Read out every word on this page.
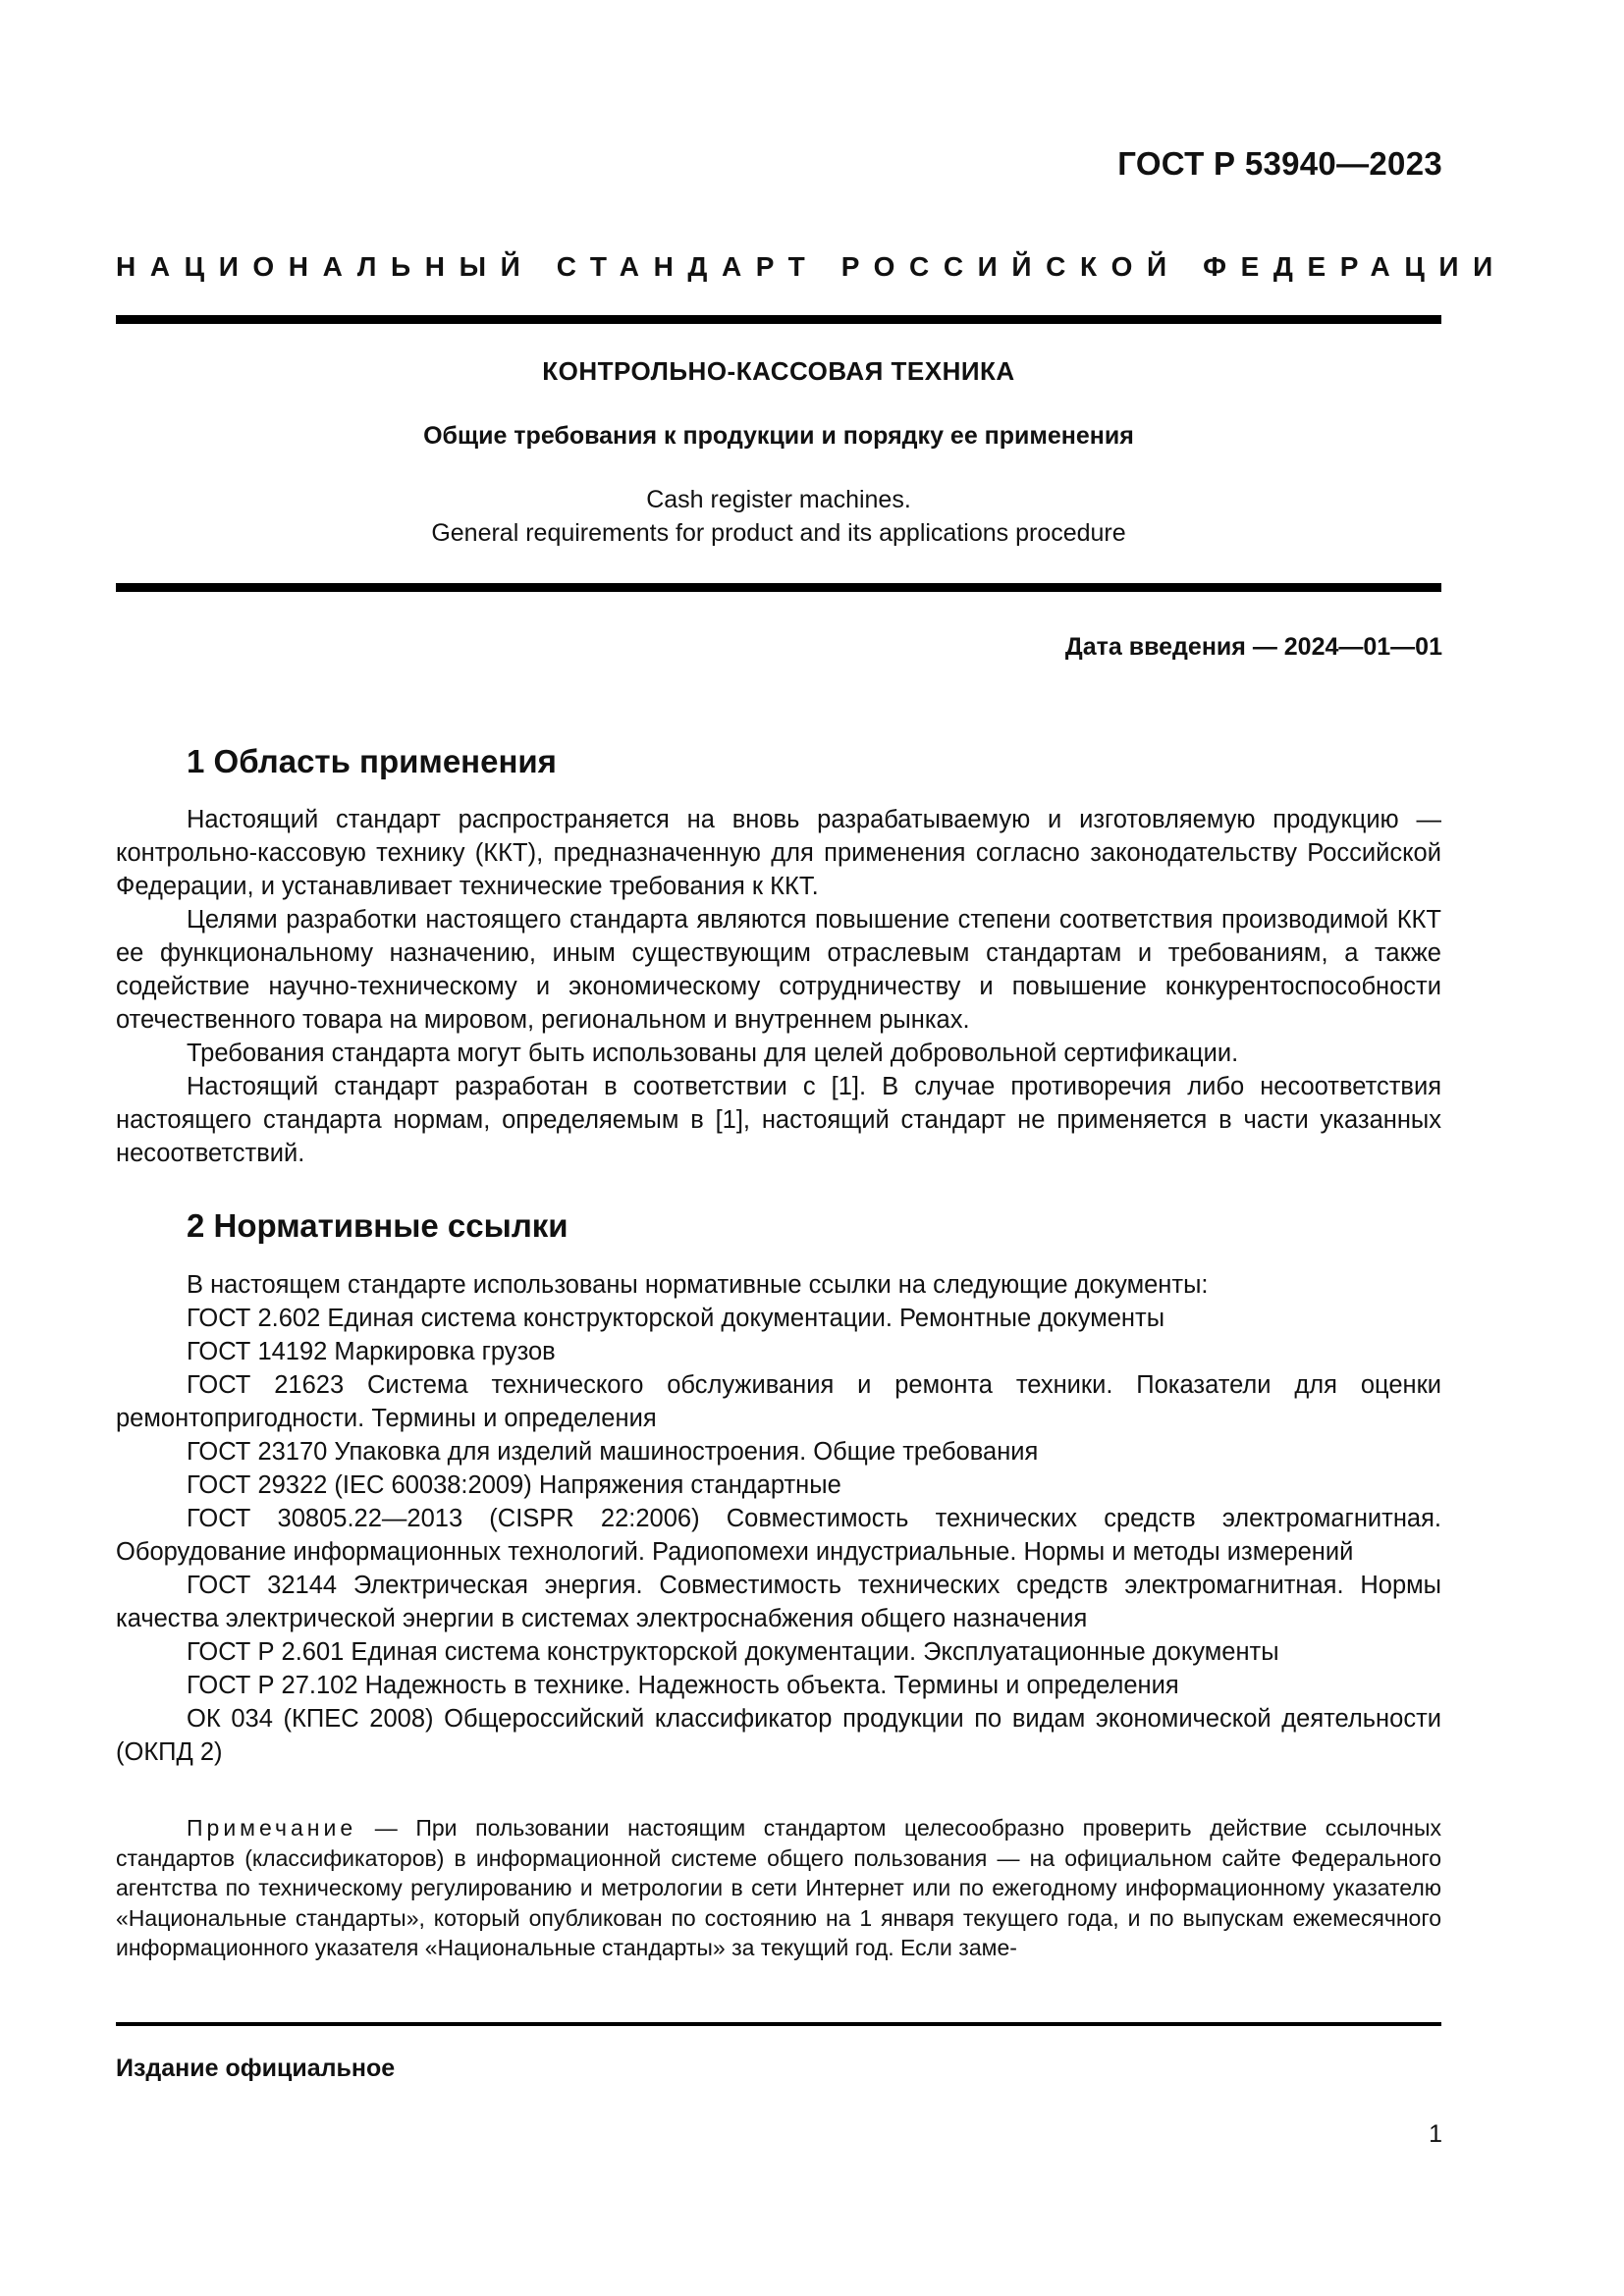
ГОСТ Р 53940—2023
НАЦИОНАЛЬНЫЙ СТАНДАРТ РОССИЙСКОЙ ФЕДЕРАЦИИ
КОНТРОЛЬНО-КАССОВАЯ ТЕХНИКА
Общие требования к продукции и порядку ее применения
Cash register machines.
General requirements for product and its applications procedure
Дата введения — 2024—01—01
1 Область применения

Настоящий стандарт распространяется на вновь разрабатываемую и изготовляемую продукцию — контрольно-кассовую технику (ККТ), предназначенную для применения согласно законодательству Российской Федерации, и устанавливает технические требования к ККТ.

Целями разработки настоящего стандарта являются повышение степени соответствия производимой ККТ ее функциональному назначению, иным существующим отраслевым стандартам и требованиям, а также содействие научно-техническому и экономическому сотрудничеству и повышение конкурентоспособности отечественного товара на мировом, региональном и внутреннем рынках.

Требования стандарта могут быть использованы для целей добровольной сертификации.

Настоящий стандарт разработан в соответствии с [1]. В случае противоречия либо несоответствия настоящего стандарта нормам, определяемым в [1], настоящий стандарт не применяется в части указанных несоответствий.

2 Нормативные ссылки

В настоящем стандарте использованы нормативные ссылки на следующие документы:

ГОСТ 2.602 Единая система конструкторской документации. Ремонтные документы

ГОСТ 14192 Маркировка грузов

ГОСТ 21623 Система технического обслуживания и ремонта техники. Показатели для оценки ремонтопригодности. Термины и определения

ГОСТ 23170 Упаковка для изделий машиностроения. Общие требования

ГОСТ 29322 (IEC 60038:2009) Напряжения стандартные

ГОСТ 30805.22—2013 (CISPR 22:2006) Совместимость технических средств электромагнитная. Оборудование информационных технологий. Радиопомехи индустриальные. Нормы и методы измерений

ГОСТ 32144 Электрическая энергия. Совместимость технических средств электромагнитная. Нормы качества электрической энергии в системах электроснабжения общего назначения

ГОСТ Р 2.601 Единая система конструкторской документации. Эксплуатационные документы

ГОСТ Р 27.102 Надежность в технике. Надежность объекта. Термины и определения

ОК 034 (КПЕС 2008) Общероссийский классификатор продукции по видам экономической деятельности (ОКПД 2)

Примечание — При пользовании настоящим стандартом целесообразно проверить действие ссылочных стандартов (классификаторов) в информационной системе общего пользования — на официальном сайте Федерального агентства по техническому регулированию и метрологии в сети Интернет или по ежегодному информационному указателю «Национальные стандарты», который опубликован по состоянию на 1 января текущего года, и по выпускам ежемесячного информационного указателя «Национальные стандарты» за текущий год. Если заме-
Издание официальное
1
